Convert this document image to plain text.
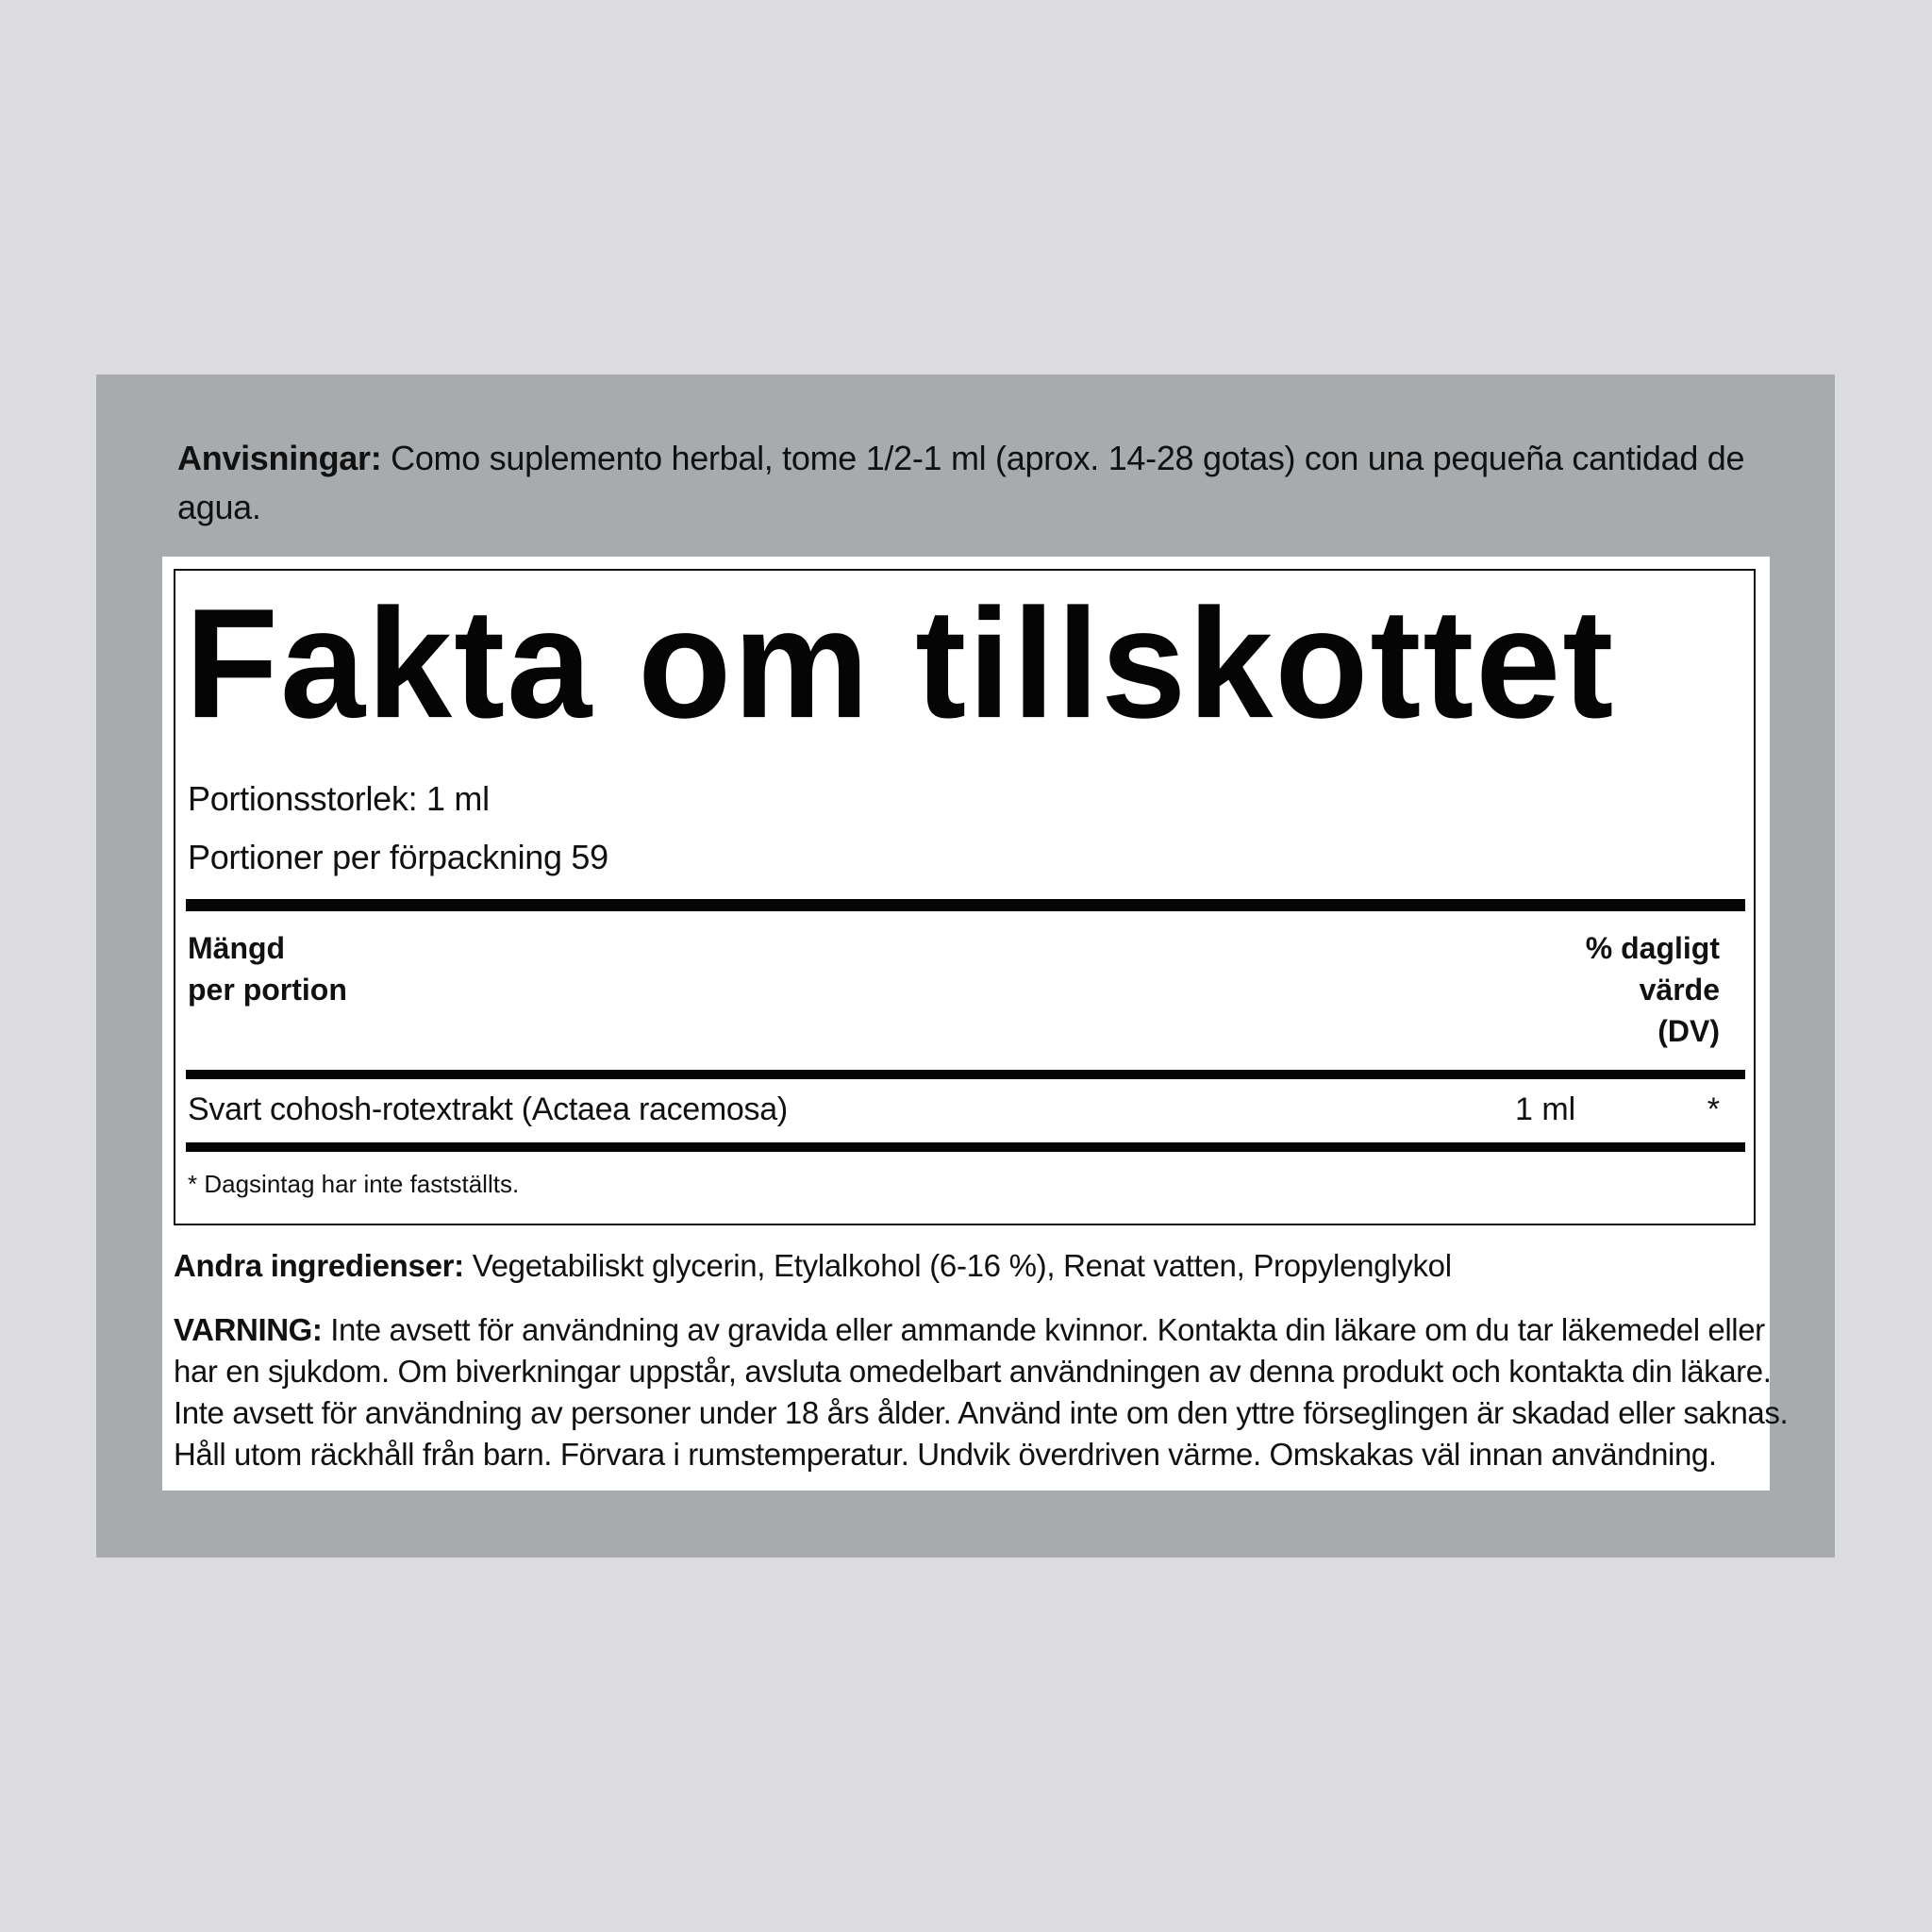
Anvisningar: Como suplemento herbal, tome 1/2-1 ml (aprox. 14-28 gotas) con una pequeña cantidad de agua.
Fakta om tillskottet
Portionsstorlek: 1 ml
Portioner per förpackning 59
Mängd
per portion
% dagligt
värde
(DV)
Svart cohosh-rotextrakt (Actaea racemosa)	1 ml	*
* Dagsintag har inte fastställts.
Andra ingredienser: Vegetabiliskt glycerin, Etylalkohol (6-16 %), Renat vatten, Propylenglykol
VARNING: Inte avsett för användning av gravida eller ammande kvinnor. Kontakta din läkare om du tar läkemedel eller
har en sjukdom. Om biverkningar uppstår, avsluta omedelbart användningen av denna produkt och kontakta din läkare.
Inte avsett för användning av personer under 18 års ålder. Använd inte om den yttre förseglingen är skadad eller saknas.
Håll utom räckhåll från barn. Förvara i rumstemperatur. Undvik överdriven värme. Omskakas väl innan användning.
